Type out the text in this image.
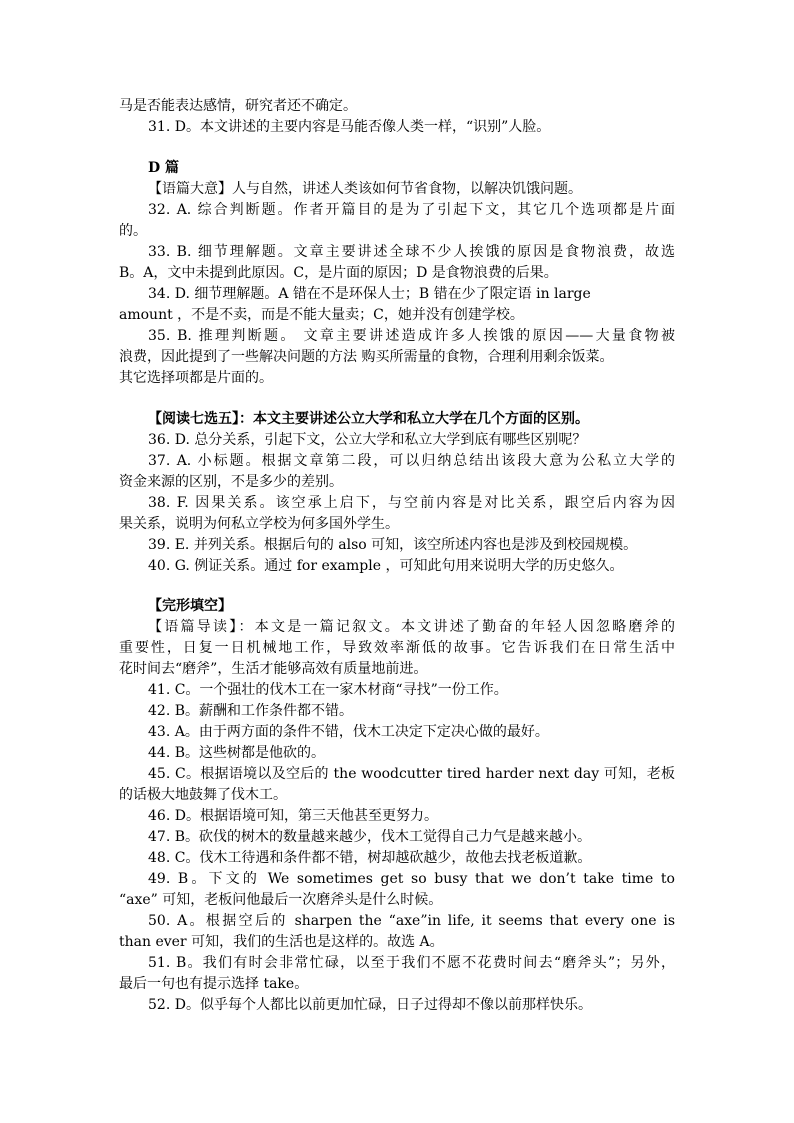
马是否能表达感情，研究者还不确定。
31. D。本文讲述的主要内容是马能否像人类一样，“识别”人脸。
D 篇
【语篇大意】人与自然，讲述人类该如何节省食物，以解决饥饿问题。
32. A. 综合判断题。作者开篇目的是为了引起下文，其它几个选项都是片面
的。
33. B. 细节理解题。文章主要讲述全球不少人挨饿的原因是食物浪费，故选
B。A，文中未提到此原因。C，是片面的原因；D 是食物浪费的后果。
34. D. 细节理解题。A 错在不是环保人士；B 错在少了限定语 in large
amount ，不是不卖，而是不能大量卖；C，她并没有创建学校。
35. B. 推理判断题。 文章主要讲述造成许多人挨饿的原因——大量食物被
浪费，因此提到了一些解决问题的方法 购买所需量的食物，合理利用剩余饭菜。
其它选择项都是片面的。
【阅读七选五】：本文主要讲述公立大学和私立大学在几个方面的区别。
36. D. 总分关系，引起下文，公立大学和私立大学到底有哪些区别呢？
37. A. 小标题。根据文章第二段，可以归纳总结出该段大意为公私立大学的
资金来源的区别，不是多少的差别。
38. F. 因果关系。该空承上启下，与空前内容是对比关系，跟空后内容为因
果关系，说明为何私立学校为何多国外学生。
39. E. 并列关系。根据后句的 also 可知，该空所述内容也是涉及到校园规模。
40. G. 例证关系。通过 for example ，可知此句用来说明大学的历史悠久。
【完形填空】
【语篇导读】：本文是一篇记叙文。本文讲述了勤奋的年轻人因忽略磨斧的
重要性，日复一日机械地工作，导致效率渐低的故事。它告诉我们在日常生活中
花时间去“磨斧”，生活才能够高效有质量地前进。
41. C。一个强壮的伐木工在一家木材商“寻找”一份工作。
42. B。薪酬和工作条件都不错。
43. A。由于两方面的条件不错，伐木工决定下定决心做的最好。
44. B。这些树都是他砍的。
45. C。根据语境以及空后的 the woodcutter tired harder next day 可知，老板
的话极大地鼓舞了伐木工。
46. D。根据语境可知，第三天他甚至更努力。
47. B。砍伐的树木的数量越来越少，伐木工觉得自己力气是越来越小。
48. C。伐木工待遇和条件都不错，树却越砍越少，故他去找老板道歉。
49. B。下文的 We sometimes get so busy that we don’t take time to
“axe” 可知，老板问他最后一次磨斧头是什么时候。
50. A。根据空后的 sharpen the “axe”in life, it seems that every one is
than ever 可知，我们的生活也是这样的。故选 A。
51. B。我们有时会非常忙碌，以至于我们不愿不花费时间去“磨斧头”；另外，
最后一句也有提示选择 take。
52. D。似乎每个人都比以前更加忙碌，日子过得却不像以前那样快乐。
